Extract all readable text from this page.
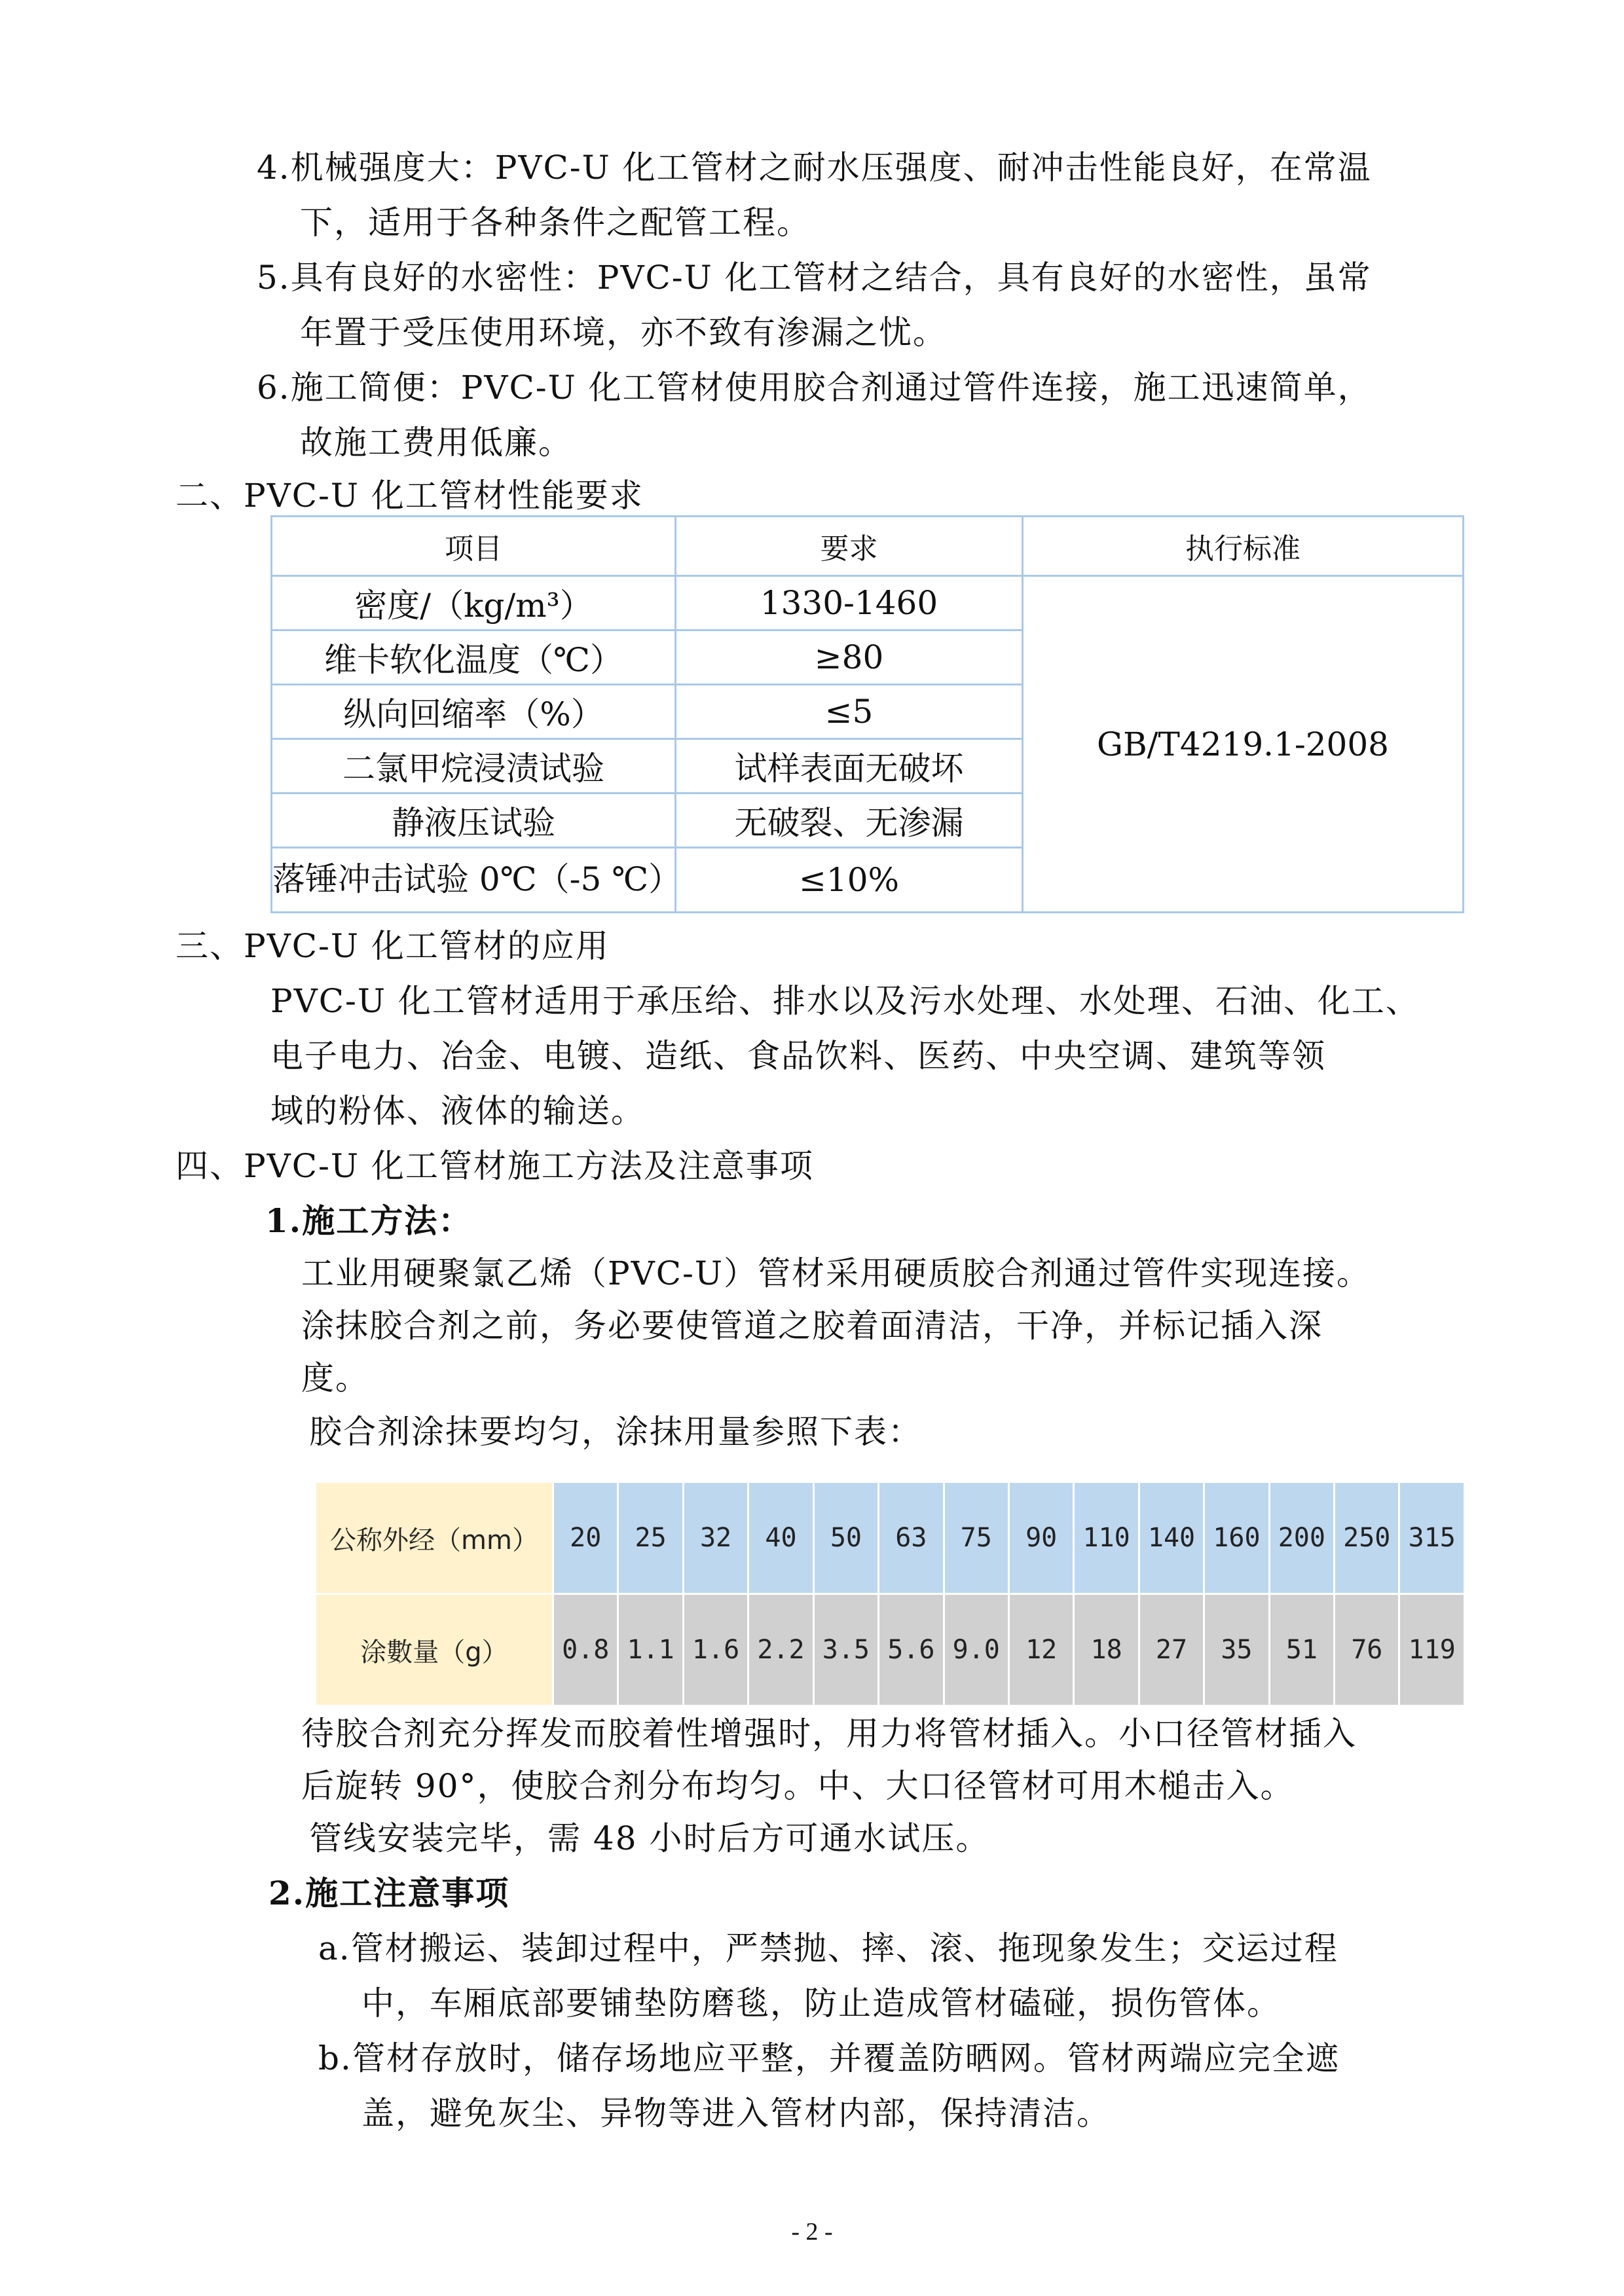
4.机械强度大：PVC-U 化工管材之耐水压强度、耐冲击性能良好，在常温
下，适用于各种条件之配管工程。
5.具有良好的水密性：PVC-U 化工管材之结合，具有良好的水密性，虽常
年置于受压使用环境，亦不致有渗漏之忧。
6.施工简便：PVC-U 化工管材使用胶合剂通过管件连接，施工迅速简单，
故施工费用低廉。
二、PVC-U 化工管材性能要求
项目	要求	执行标准
密度/（kg/m³）	1330-1460	GB/T4219.1-2008
维卡软化温度（℃）	≥80	
纵向回缩率（%）	≤5	
二氯甲烷浸渍试验	试样表面无破坏	
静液压试验	无破裂、无渗漏	
落锤冲击试验 0℃（-5 ℃）	≤10%	
三、PVC-U 化工管材的应用
PVC-U 化工管材适用于承压给、排水以及污水处理、水处理、石油、化工、
电子电力、冶金、电镀、造纸、食品饮料、医药、中央空调、建筑等领
域的粉体、液体的输送。
四、PVC-U 化工管材施工方法及注意事项
1.施工方法：
工业用硬聚氯乙烯（PVC-U）管材采用硬质胶合剂通过管件实现连接。
涂抹胶合剂之前，务必要使管道之胶着面清洁，干净，并标记插入深
度。
胶合剂涂抹要均匀，涂抹用量参照下表：
公称外经（mm）	20	25	32	40	50	63	75	90	110	140	160	200	250	315
涂數量（g）	0.8	1.1	1.6	2.2	3.5	5.6	9.0	12	18	27	35	51	76	119
待胶合剂充分挥发而胶着性增强时，用力将管材插入。小口径管材插入
后旋转 90°，使胶合剂分布均匀。中、大口径管材可用木槌击入。
管线安装完毕，需 48 小时后方可通水试压。
2.施工注意事项
a.管材搬运、装卸过程中，严禁抛、摔、滚、拖现象发生；交运过程
中，车厢底部要铺垫防磨毯，防止造成管材磕碰，损伤管体。
b.管材存放时，储存场地应平整，并覆盖防晒网。管材两端应完全遮
盖，避免灰尘、异物等进入管材内部，保持清洁。
- 2 -
